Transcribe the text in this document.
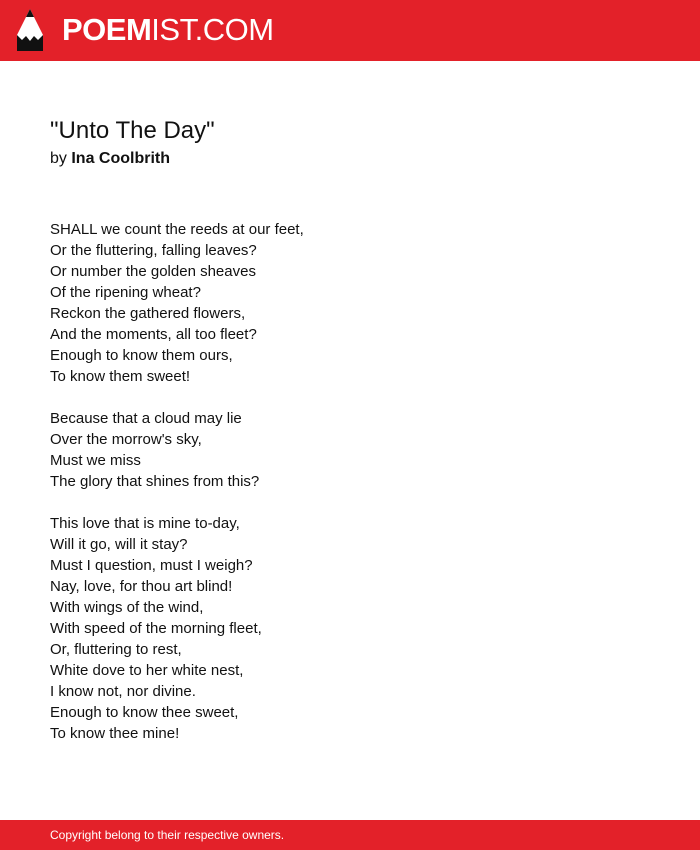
POEMIST.COM
"Unto The Day"
by Ina Coolbrith
SHALL we count the reeds at our feet,
Or the fluttering, falling leaves?
Or number the golden sheaves
Of the ripening wheat?
Reckon the gathered flowers,
And the moments, all too fleet?
Enough to know them ours,
To know them sweet!
Because that a cloud may lie
Over the morrow's sky,
Must we miss
The glory that shines from this?
This love that is mine to-day,
Will it go, will it stay?
Must I question, must I weigh?
Nay, love, for thou art blind!
With wings of the wind,
With speed of the morning fleet,
Or, fluttering to rest,
White dove to her white nest,
I know not, nor divine.
Enough to know thee sweet,
To know thee mine!
Copyright belong to their respective owners.
